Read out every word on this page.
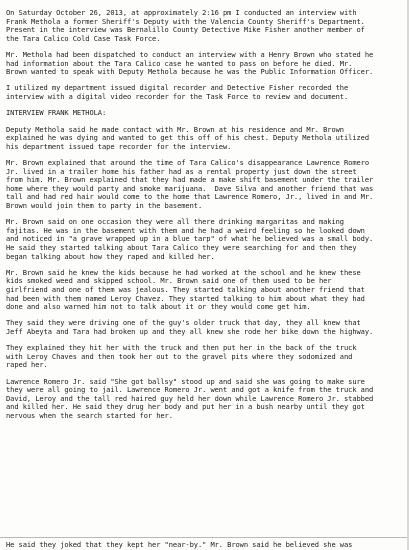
On Saturday October 26, 2013, at approximately 2:16 pm I conducted an interview with
Frank Methola a former Sheriff's Deputy with the Valencia County Sheriff's Department.
Present in the interview was Bernalillo County Detective Mike Fisher another member of
the Tara Calico Cold Case Task Force.

Mr. Methola had been dispatched to conduct an interview with a Henry Brown who stated he
had information about the Tara Calico case he wanted to pass on before he died. Mr.
Brown wanted to speak with Deputy Methola because he was the Public Information Officer.

I utilized my department issued digital recorder and Detective Fisher recorded the
interview with a digital video recorder for the Task Force to review and document.

INTERVIEW FRANK METHOLA:

Deputy Methola said he made contact with Mr. Brown at his residence and Mr. Brown
explained he was dying and wanted to get this off of his chest. Deputy Methola utilized
his department issued tape recorder for the interview.

Mr. Brown explained that around the time of Tara Calico's disappearance Lawrence Romero
Jr. lived in a trailer home his father had as a rental property just down the street
from him. Mr. Brown explained that they had made a make shift basement under the trailer
home where they would party and smoke marijuana.  Dave Silva and another friend that was
tall and had red hair would come to the home that Lawrence Romero, Jr., lived in and Mr.
Brown would join them to party in the basement.

Mr. Brown said on one occasion they were all there drinking margaritas and making
fajitas. He was in the basement with them and he had a weird feeling so he looked down
and noticed in "a grave wrapped up in a blue tarp" of what he believed was a small body.
He said they started talking about Tara Calico they were searching for and then they
began talking about how they raped and killed her.

Mr. Brown said he knew the kids because he had worked at the school and he knew these
kids smoked weed and skipped school. Mr. Brown said one of them used to be her
girlfriend and one of them was jealous. They started talking about another friend that
had been with them named Leroy Chavez. They started talking to him about what they had
done and also warned him not to talk about it or they would come get him.

They said they were driving one of the guy's older truck that day, they all knew that
Jeff Abeyta and Tara had broken up and they all knew she rode her bike down the highway.

They explained they hit her with the truck and then put her in the back of the truck
with Leroy Chaves and then took her out to the gravel pits where they sodomized and
raped her.

Lawrence Romero Jr. said "She got ballsy" stood up and said she was going to make sure
they were all going to jail. Lawrence Romero Jr. went and got a knife from the truck and
David, Leroy and the tall red haired guy held her down while Lawrence Romero Jr. stabbed
and killed her. He said they drug her body and put her in a bush nearby until they got
nervous when the search started for her.

He said they joked that they kept her "near-by." Mr. Brown said he believed she was
